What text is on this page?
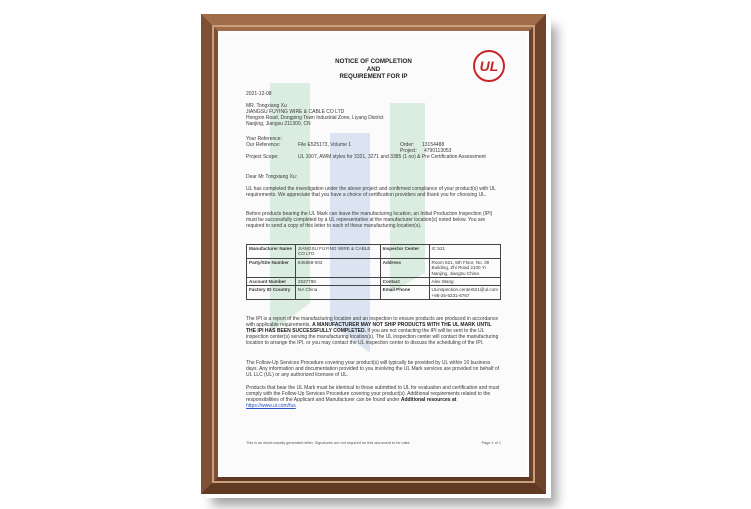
NOTICE OF COMPLETION
AND
REQUIREMENT FOR IP
UL
2021-12-08
MR. Tongxiang Xu
JIANGSU FUYING WIRE & CABLE CO LTD
Hongxin Road, Dongping Town Industrial Zone, Liyang District
Nanjing, Jiangsu 211300, CN
Your Reference:
Our Reference:	File E525173, Volume 1	Order:	13154488
Project:	4790113053
Project Scope:	UL 1007, AWM styles for 3321, 3271 and 3385 (1 no) & Pre Certification Assessment
Dear Mr Tongxiang Xu:
UL has completed the investigation under the above project and confirmed compliance of your product(s) with UL requirements. We appreciate that you have a choice of certification providers and thank you for choosing UL.
Before products bearing the UL Mark can leave the manufacturing location, an Initial Production Inspection (IPI) must be successfully completed by a UL representative at the manufacturer location(s) noted below. You are required to send a copy of this letter to each of these manufacturing location(s).
Manufacturer Name	JIANGSU FUYING WIRE & CABLE CO LTD	Inspector Center	IC 521
Party/Site Number	845858-002	Address	Room 521, 5th Floor, No. 39 Building, Zhi Road 2100 Yi Nanjing, Jiangsu China
Account Number	2537788	Contact	Alex Wang
Factory ID Country	NA China	Email Phone	ULinspection.center521@ul.com +86-25-5231-6767
The IPI is a report of the manufacturing location and an inspection to ensure products are produced in accordance with applicable requirements. A MANUFACTURER MAY NOT SHIP PRODUCTS WITH THE UL MARK UNTIL THE IPI HAS BEEN SUCCESSFULLY COMPLETED. If you are not contacting the IPI will be sent to the UL inspection center(s) serving the manufacturing location(s). The UL inspection center will contact the manufacturing location to arrange the IPI, or you may contact the UL inspection center to discuss the scheduling of the IPI.
The Follow-Up Services Procedure covering your product(s) will typically be provided by UL within 10 business days. Any information and documentation provided to you involving the UL Mark services are provided on behalf of UL LLC (UL) or any authorized licensee of UL.
Products that bear the UL Mark must be identical to those submitted to UL for evaluation and certification and must comply with the Follow-Up Services Procedure covering your product(s). Additional requirements related to the responsibilities of the Applicant and Manufacturer can be found under Additional resources at https://www.ul.com/fus
This is an electronically generated letter. Signatures are not required for this document to be valid.	Page 1 of 1
